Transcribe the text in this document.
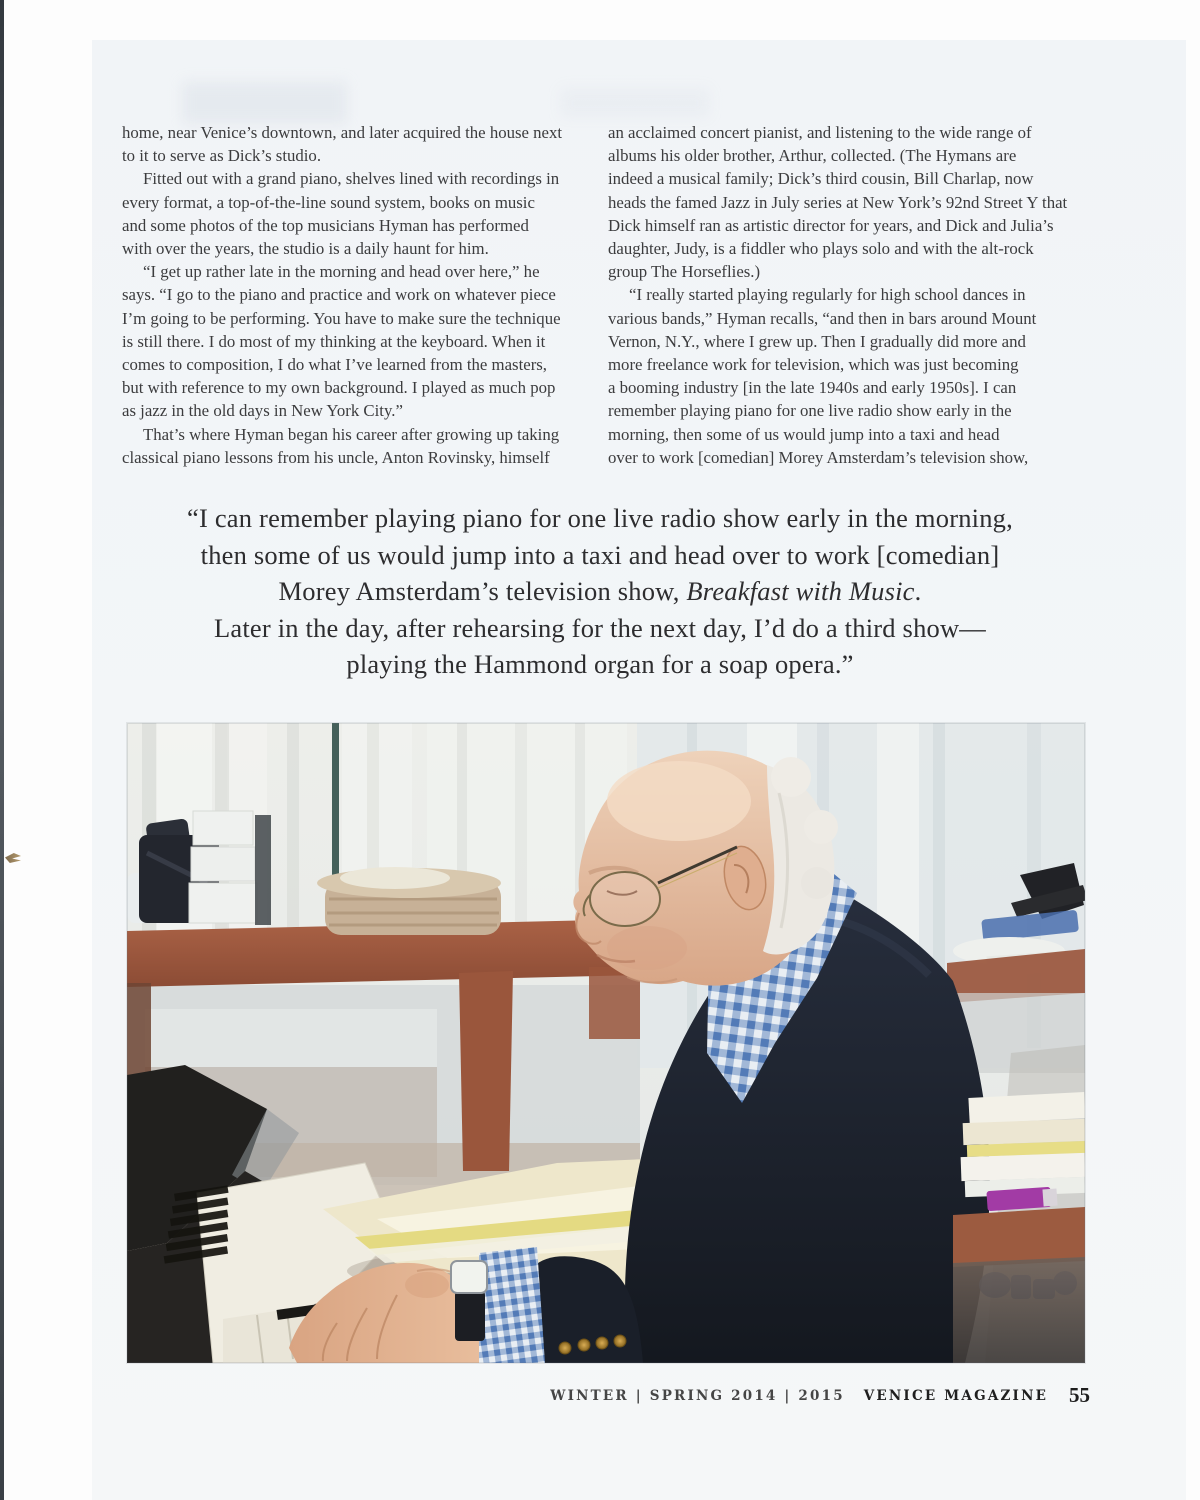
home, near Venice’s downtown, and later acquired the house next
to it to serve as Dick’s studio.
Fitted out with a grand piano, shelves lined with recordings in
every format, a top-of-the-line sound system, books on music
and some photos of the top musicians Hyman has performed
with over the years, the studio is a daily haunt for him.
“I get up rather late in the morning and head over here,” he
says. “I go to the piano and practice and work on whatever piece
I’m going to be performing. You have to make sure the technique
is still there. I do most of my thinking at the keyboard. When it
comes to composition, I do what I’ve learned from the masters,
but with reference to my own background. I played as much pop
as jazz in the old days in New York City.”
That’s where Hyman began his career after growing up taking
classical piano lessons from his uncle, Anton Rovinsky, himself
an acclaimed concert pianist, and listening to the wide range of
albums his older brother, Arthur, collected. (The Hymans are
indeed a musical family; Dick’s third cousin, Bill Charlap, now
heads the famed Jazz in July series at New York’s 92nd Street Y that
Dick himself ran as artistic director for years, and Dick and Julia’s
daughter, Judy, is a fiddler who plays solo and with the alt-rock
group The Horseflies.)
“I really started playing regularly for high school dances in
various bands,” Hyman recalls, “and then in bars around Mount
Vernon, N.Y., where I grew up. Then I gradually did more and
more freelance work for television, which was just becoming
a booming industry [in the late 1940s and early 1950s]. I can
remember playing piano for one live radio show early in the
morning, then some of us would jump into a taxi and head
over to work [comedian] Morey Amsterdam’s television show,
“I can remember playing piano for one live radio show early in the morning,
then some of us would jump into a taxi and head over to work [comedian]
Morey Amsterdam’s television show, Breakfast with Music.
Later in the day, after rehearsing for the next day, I’d do a third show—
playing the Hammond organ for a soap opera.”
WINTER | SPRING 2014 | 2015 VENICE MAGAZINE 55
